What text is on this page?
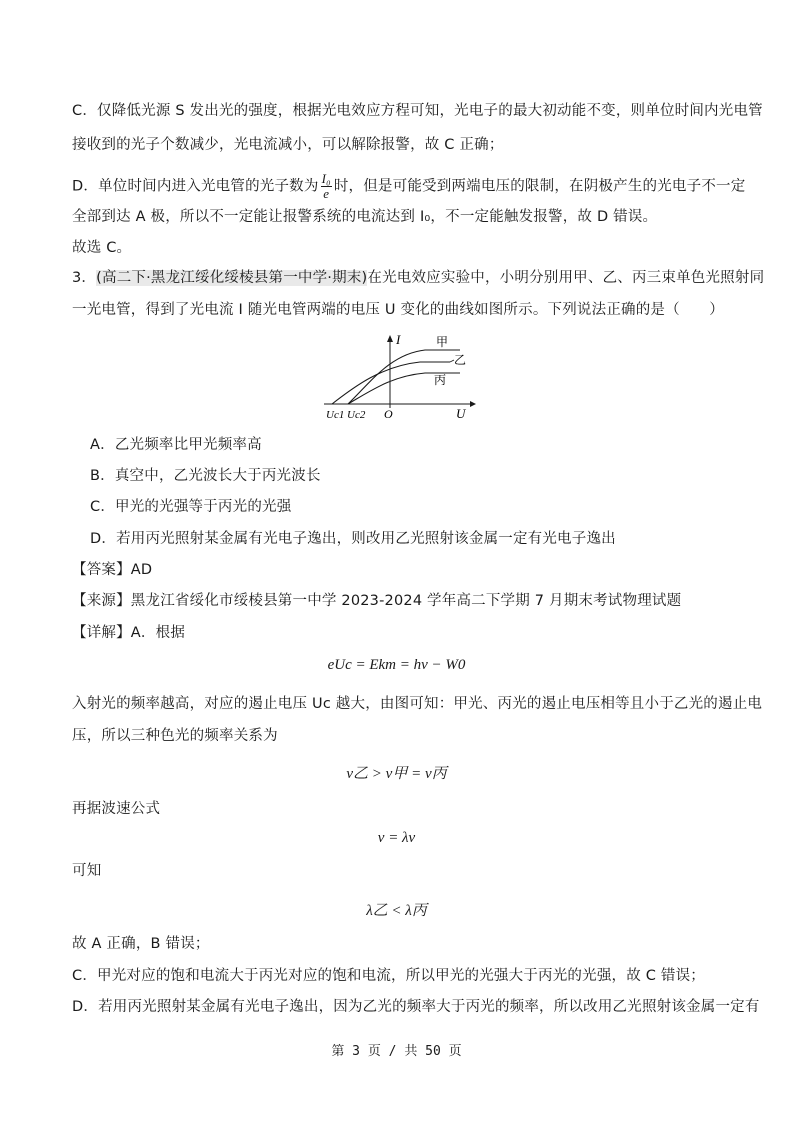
C．仅降低光源 S 发出光的强度，根据光电效应方程可知，光电子的最大初动能不变，则单位时间内光电管
接收到的光子个数减少，光电流减小，可以解除报警，故 C 正确；
D．单位时间内进入光电管的光子数为 $\frac{\text{I₀}}{e}$ 时，但是可能受到两端电压的限制，在阴极产生的光电子不一定
全部到达 A 极，所以不一定能让报警系统的电流达到 I₀，不一定能触发报警，故 D 错误。
故选 C。
3．(高二下·黑龙江绥化绥棱县第一中学·期末)在光电效应实验中，小明分别用甲、乙、丙三束单色光照射同
一光电管，得到了光电流 I 随光电管两端的电压 U 变化的曲线如图所示。下列说法正确的是（　　）
I	甲
乙
丙
Uc1 Uc2 O	U
A．乙光频率比甲光频率高
B．真空中，乙光波长大于丙光波长
C．甲光的光强等于丙光的光强
D．若用丙光照射某金属有光电子逸出，则改用乙光照射该金属一定有光电子逸出
【答案】AD
【来源】黑龙江省绥化市绥棱县第一中学 2023-2024 学年高二下学期 7 月期末考试物理试题
【详解】A．根据
eUc = Ekm = hν − W0
入射光的频率越高，对应的遏止电压 Uc 越大，由图可知：甲光、丙光的遏止电压相等且小于乙光的遏止电
压，所以三种色光的频率关系为
ν乙 > ν甲 = ν丙
再据波速公式
v = λν
可知
λ乙 < λ丙
故 A 正确，B 错误；
C．甲光对应的饱和电流大于丙光对应的饱和电流，所以甲光的光强大于丙光的光强，故 C 错误；
D．若用丙光照射某金属有光电子逸出，因为乙光的频率大于丙光的频率，所以改用乙光照射该金属一定有
第 3 页 / 共 50 页
